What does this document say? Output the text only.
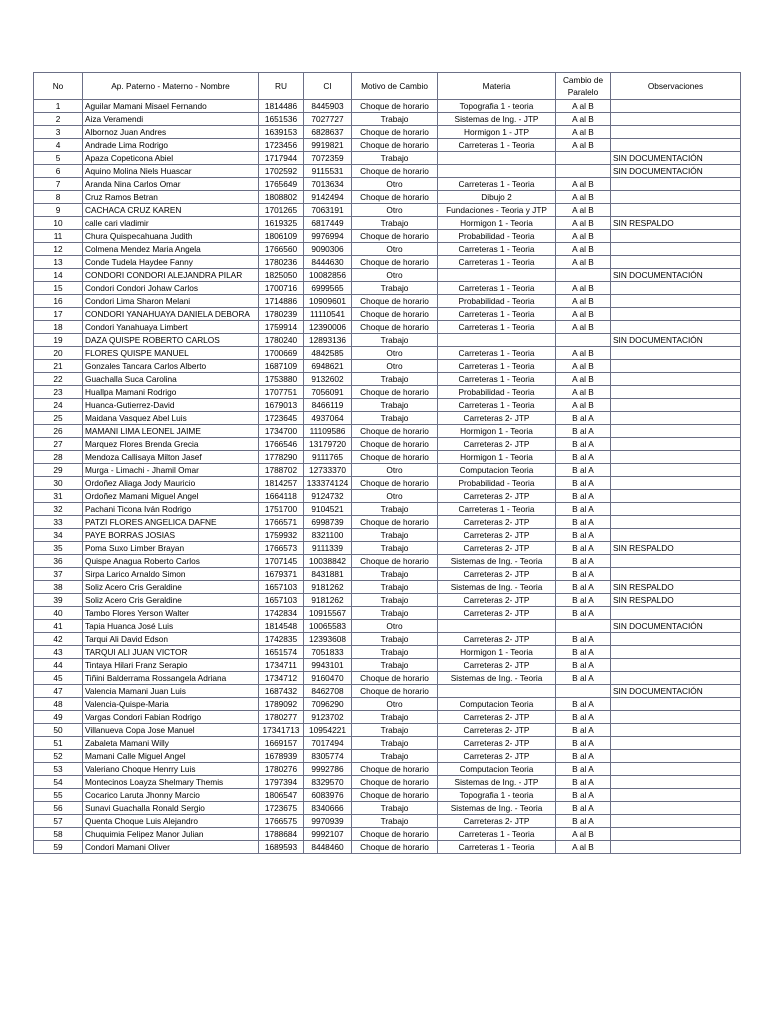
No	Ap. Paterno - Materno - Nombre	RU	CI	Motivo de Cambio	Materia	Cambio de Paralelo	Observaciones
1	Aguilar Mamani Misael Fernando	1814486	8445903	Choque de horario	Topografia 1 - teoria	A al B	
2	Aiza Veramendi	1651536	7027727	Trabajo	Sistemas de Ing. - JTP	A al B	
3	Albornoz Juan Andres	1639153	6828637	Choque de horario	Hormigon 1 - JTP	A al B	
4	Andrade Lima Rodrigo	1723456	9919821	Choque de horario	Carreteras 1 - Teoria	A al B	
5	Apaza Copeticona Abiel	1717944	7072359	Trabajo			SIN DOCUMENTACIÓN
6	Aquino Molina Niels Huascar	1702592	9115531	Choque de horario			SIN DOCUMENTACIÓN
7	Aranda Nina Carlos Omar	1765649	7013634	Otro	Carreteras 1 - Teoria	A al B	
8	Cruz Ramos Betran	1808802	9142494	Choque de horario	Dibujo 2	A al B	
9	CACHACA CRUZ KAREN	1701265	7063191	Otro	Fundaciones - Teoria y JTP	A al B	
10	calle cari vladimir	1619325	6817449	Trabajo	Hormigon 1 - Teoria	A al B	SIN RESPALDO
11	Chura Quispecahuana Judith	1806109	9976994	Choque de horario	Probabilidad - Teoria	A al B	
12	Colmena Mendez Maria Angela	1766560	9090306	Otro	Carreteras 1 - Teoria	A al B	
13	Conde Tudela Haydee Fanny	1780236	8444630	Choque de horario	Carreteras 1 - Teoria	A al B	
14	CONDORI CONDORI ALEJANDRA PILAR	1825050	10082856	Otro			SIN DOCUMENTACIÓN
15	Condori Condori Johaw Carlos	1700716	6999565	Trabajo	Carreteras 1 - Teoria	A al B	
16	Condori Lima Sharon Melani	1714886	10909601	Choque de horario	Probabilidad - Teoria	A al B	
17	CONDORI YANAHUAYA DANIELA DEBORA	1780239	11110541	Choque de horario	Carreteras 1 - Teoria	A al B	
18	Condori Yanahuaya Limbert	1759914	12390006	Choque de horario	Carreteras 1 - Teoria	A al B	
19	DAZA QUISPE ROBERTO CARLOS	1780240	12893136	Trabajo			SIN DOCUMENTACIÓN
20	FLORES QUISPE MANUEL	1700669	4842585	Otro	Carreteras 1 - Teoria	A al B	
21	Gonzales Tancara Carlos Alberto	1687109	6948621	Otro	Carreteras 1 - Teoria	A al B	
22	Guachalla Suca Carolina	1753880	9132602	Trabajo	Carreteras 1 - Teoria	A al B	
23	Huallpa Mamani Rodrigo	1707751	7056091	Choque de horario	Probabilidad - Teoria	A al B	
24	Huanca-Gutierrez-David	1679013	8466119	Trabajo	Carreteras 1 - Teoria	A al B	
25	Maidana Vasquez Abel Luis	1723645	4937064	Trabajo	Carreteras 2- JTP	B al A	
26	MAMANI LIMA LEONEL JAIME	1734700	11109586	Choque de horario	Hormigon 1 - Teoria	B al A	
27	Marquez Flores Brenda Grecia	1766546	13179720	Choque de horario	Carreteras 2- JTP	B al A	
28	Mendoza Callisaya Milton Jasef	1778290	9111765	Choque de horario	Hormigon 1 - Teoria	B al A	
29	Murga - Limachi - Jhamil Omar	1788702	12733370	Otro	Computacion Teoria	B al A	
30	Ordoñez Aliaga Jody Mauricio	1814257	133374124	Choque de horario	Probabilidad - Teoria	B al A	
31	Ordoñez Mamani Miguel Angel	1664118	9124732	Otro	Carreteras 2- JTP	B al A	
32	Pachani Ticona Iván Rodrigo	1751700	9104521	Trabajo	Carreteras 1 - Teoria	B al A	
33	PATZI FLORES ANGELICA DAFNE	1766571	6998739	Choque de horario	Carreteras 2- JTP	B al A	
34	PAYE BORRAS JOSIAS	1759932	8321100	Trabajo	Carreteras 2- JTP	B al A	
35	Poma Suxo Limber Brayan	1766573	9111339	Trabajo	Carreteras 2- JTP	B al A	SIN RESPALDO
36	Quispe Anagua Roberto Carlos	1707145	10038842	Choque de horario	Sistemas de Ing. - Teoria	B al A	
37	Sirpa Larico Arnaldo Simon	1679371	8431881	Trabajo	Carreteras 2- JTP	B al A	
38	Soliz Acero Cris Geraldine	1657103	9181262	Trabajo	Sistemas de Ing. - Teoria	B al A	SIN RESPALDO
39	Soliz Acero Cris Geraldine	1657103	9181262	Trabajo	Carreteras 2- JTP	B al A	SIN RESPALDO
40	Tambo Flores Yerson Walter	1742834	10915567	Trabajo	Carreteras 2- JTP	B al A	
41	Tapia Huanca José Luis	1814548	10065583	Otro			SIN DOCUMENTACIÓN
42	Tarqui Ali David Edson	1742835	12393608	Trabajo	Carreteras 2- JTP	B al A	
43	TARQUI ALI JUAN VICTOR	1651574	7051833	Trabajo	Hormigon 1 - Teoria	B al A	
44	Tintaya Hilari Franz Serapio	1734711	9943101	Trabajo	Carreteras 2- JTP	B al A	
45	Tiñini Balderrama Rossangela Adriana	1734712	9160470	Choque de horario	Sistemas de Ing. - Teoria	B al A	
47	Valencia Mamani Juan Luis	1687432	8462708	Choque de horario			SIN DOCUMENTACIÓN
48	Valencia-Quispe-Maria	1789092	7096290	Otro	Computacion Teoria	B al A	
49	Vargas Condori Fabian Rodrigo	1780277	9123702	Trabajo	Carreteras 2- JTP	B al A	
50	Villanueva Copa Jose Manuel	17341713	10954221	Trabajo	Carreteras 2- JTP	B al A	
51	Zabaleta Mamani Willy	1669157	7017494	Trabajo	Carreteras 2- JTP	B al A	
52	Mamani Calle Miguel Angel	1678939	8305774	Trabajo	Carreteras 2- JTP	B al A	
53	Valeriano Choque Henrry Luis	1780276	9992786	Choque de horario	Computacion Teoria	B al A	
54	Montecinos Loayza Shelmary Themis	1797394	8329570	Choque de horario	Sistemas de Ing. - JTP	B al A	
55	Cocarico Laruta Jhonny Marcio	1806547	6083976	Choque de horario	Topografia 1 - teoria	B al A	
56	Sunavi Guachalla Ronald Sergio	1723675	8340666	Trabajo	Sistemas de Ing. - Teoria	B al A	
57	Quenta Choque Luis Alejandro	1766575	9970939	Trabajo	Carreteras 2- JTP	B al A	
58	Chuquimia Felipez Manor Julian	1788684	9992107	Choque de horario	Carreteras 1 - Teoria	A al B	
59	Condori Mamani Oliver	1689593	8448460	Choque de horario	Carreteras 1 - Teoria	A al B	
